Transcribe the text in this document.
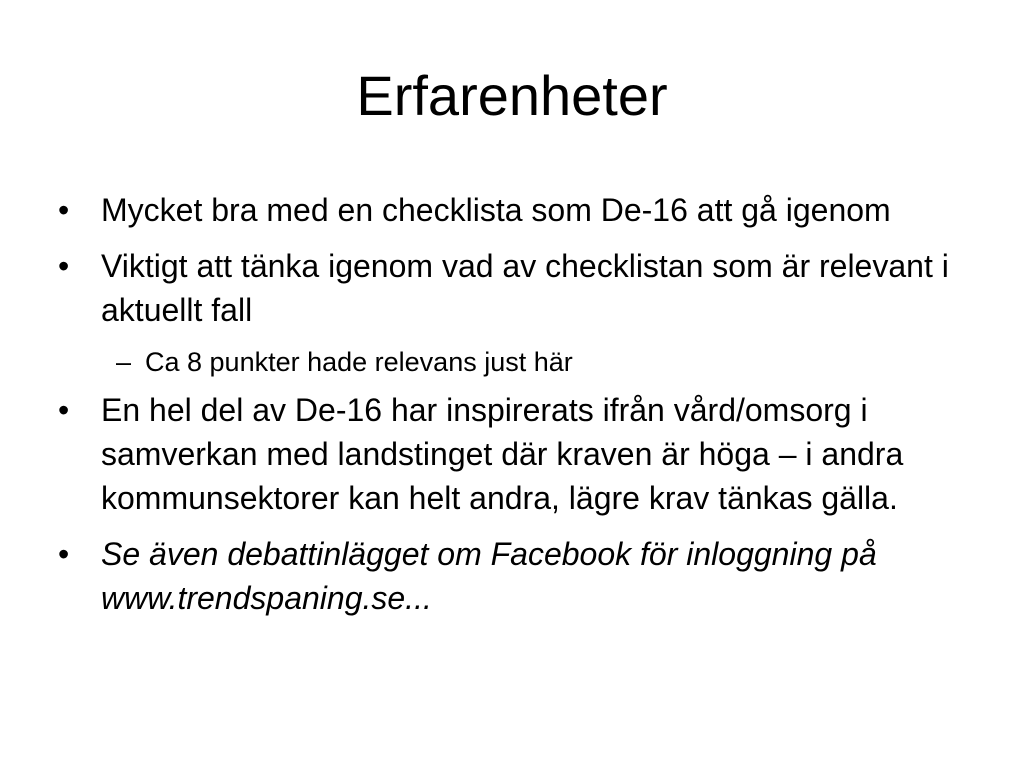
Erfarenheter
• Mycket bra med en checklista som De-16 att gå igenom
• Viktigt att tänka igenom vad av checklistan som är relevant i aktuellt fall
– Ca 8 punkter hade relevans just här
• En hel del av De-16 har inspirerats ifrån vård/omsorg i samverkan med landstinget där kraven är höga – i andra kommunsektorer kan helt andra, lägre krav tänkas gälla.
• Se även debattinlägget om Facebook för inloggning på www.trendspaning.se...
